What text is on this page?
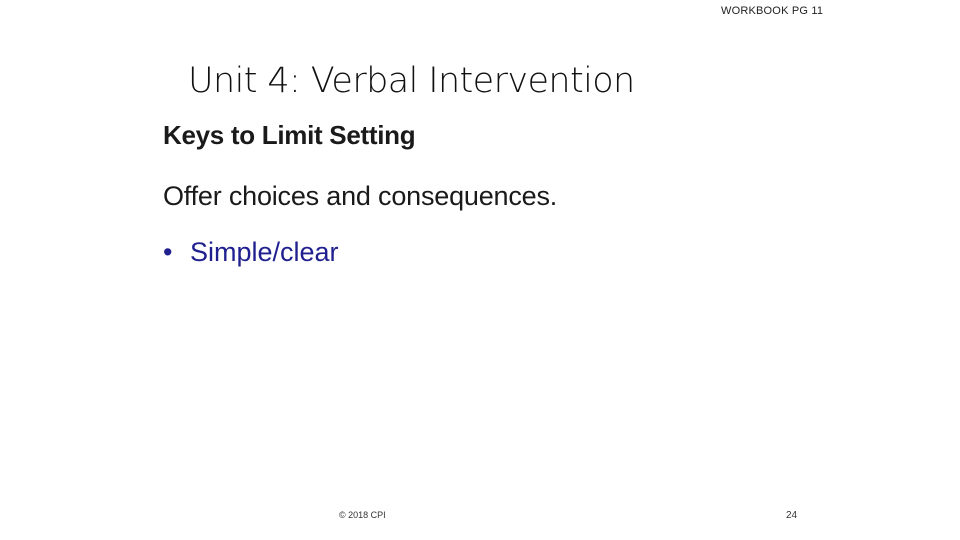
WORKBOOK PG 11
Unit 4: Verbal Intervention
Keys to Limit Setting
Offer choices and consequences.
• Simple/clear
© 2018 CPI	24
